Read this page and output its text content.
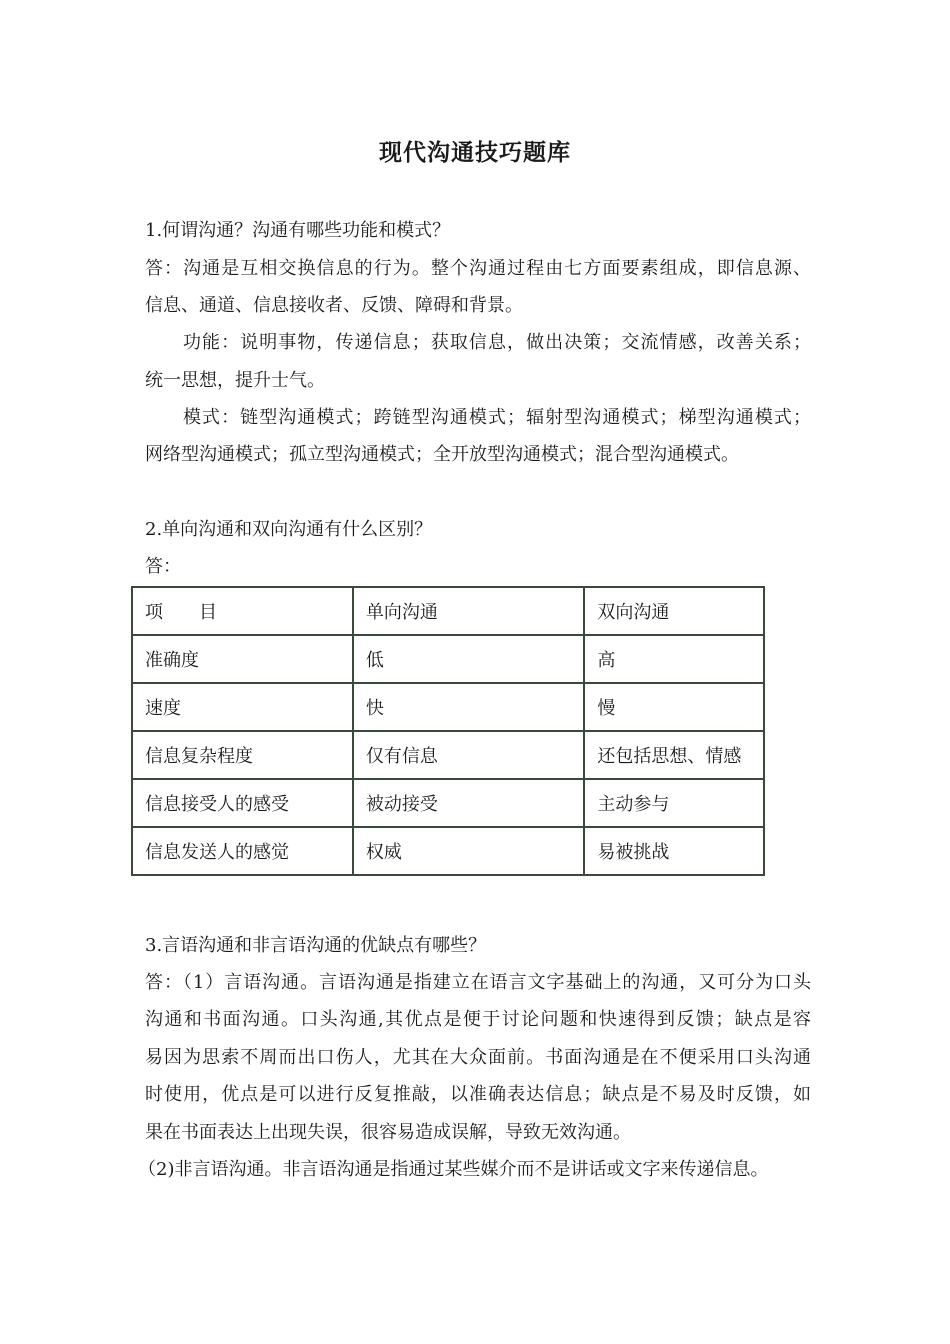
现代沟通技巧题库
1.何谓沟通？沟通有哪些功能和模式？
答：沟通是互相交换信息的行为。整个沟通过程由七方面要素组成，即信息源、
信息、通道、信息接收者、反馈、障碍和背景。
功能：说明事物，传递信息；获取信息，做出决策；交流情感，改善关系；
统一思想，提升士气。
模式：链型沟通模式；跨链型沟通模式；辐射型沟通模式；梯型沟通模式；
网络型沟通模式；孤立型沟通模式；全开放型沟通模式；混合型沟通模式。
2.单向沟通和双向沟通有什么区别？
答：
项　　目	单向沟通	双向沟通
准确度	低	高
速度	快	慢
信息复杂程度	仅有信息	还包括思想、情感
信息接受人的感受	被动接受	主动参与
信息发送人的感觉	权威	易被挑战
3.言语沟通和非言语沟通的优缺点有哪些？
答：（1）言语沟通。言语沟通是指建立在语言文字基础上的沟通，又可分为口头
沟通和书面沟通。口头沟通,其优点是便于讨论问题和快速得到反馈；缺点是容
易因为思索不周而出口伤人，尤其在大众面前。书面沟通是在不便采用口头沟通
时使用，优点是可以进行反复推敲，以准确表达信息；缺点是不易及时反馈，如
果在书面表达上出现失误，很容易造成误解，导致无效沟通。
（2)非言语沟通。非言语沟通是指通过某些媒介而不是讲话或文字来传递信息。
